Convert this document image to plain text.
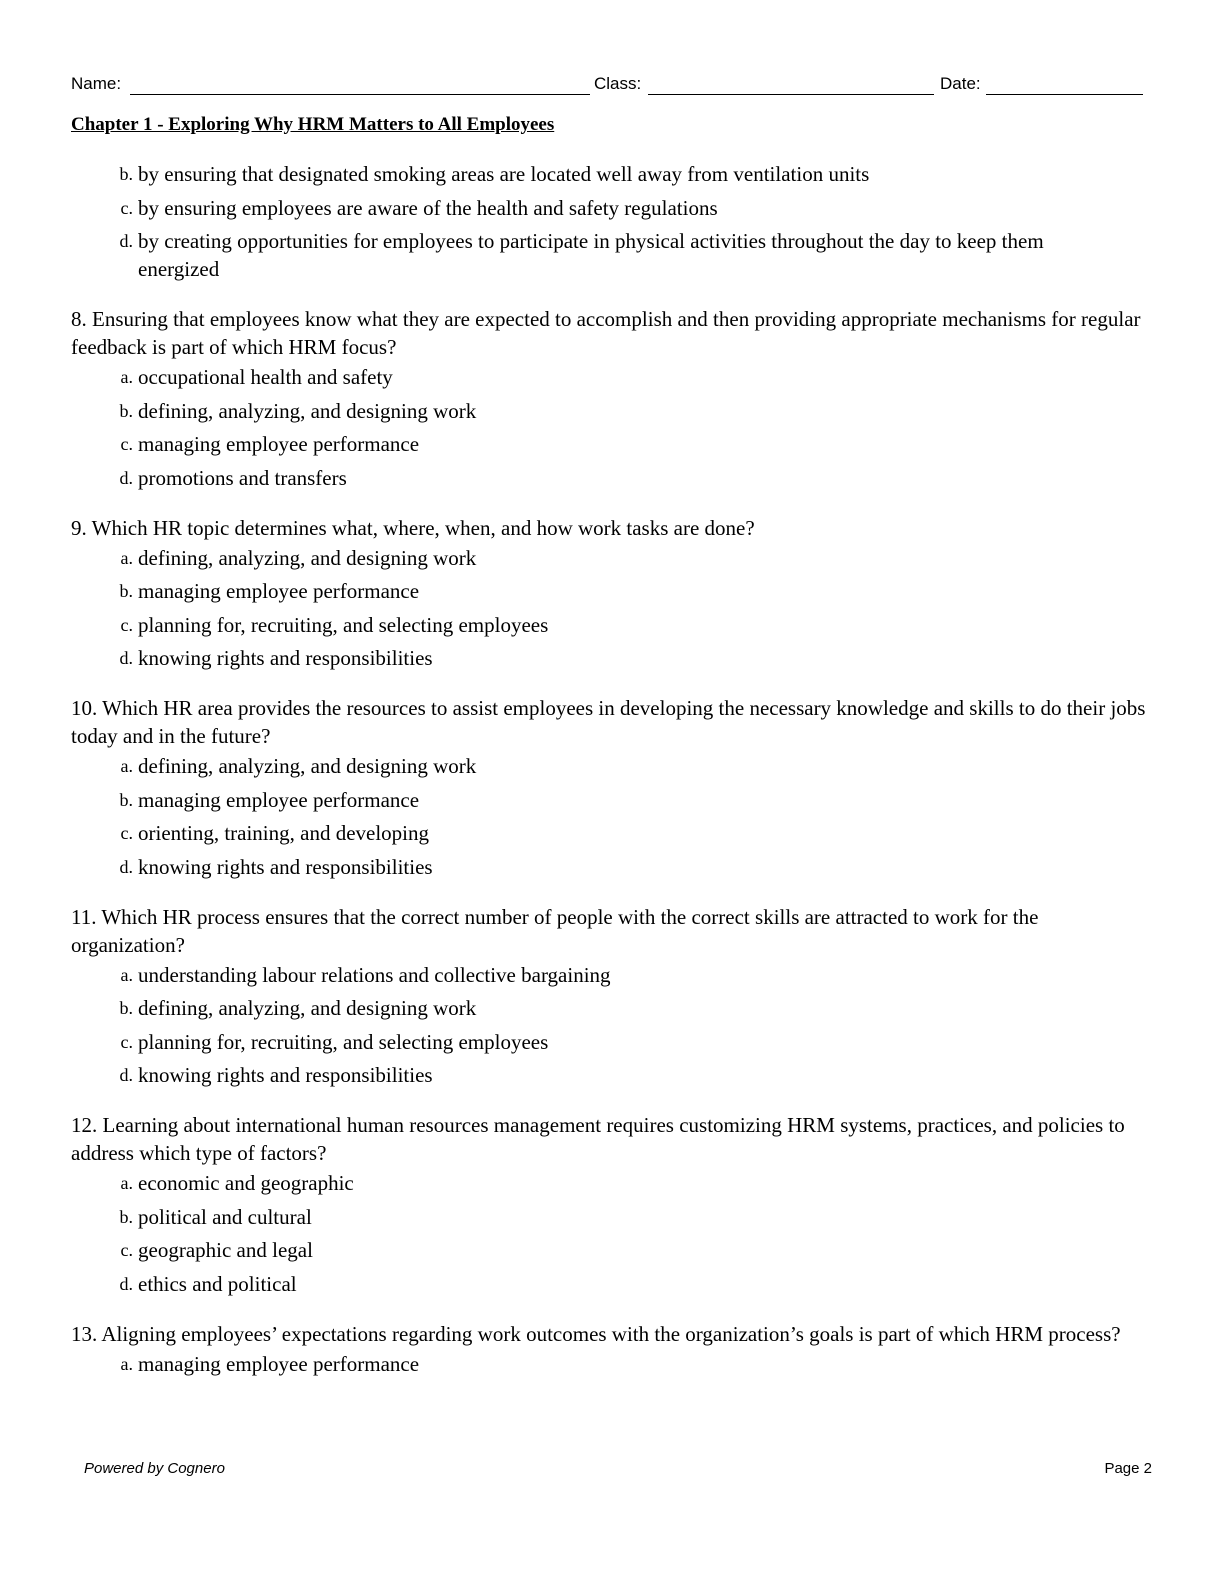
Name:	Class:	Date:
Chapter 1 - Exploring Why HRM Matters to All Employees
b. by ensuring that designated smoking areas are located well away from ventilation units
c. by ensuring employees are aware of the health and safety regulations
d. by creating opportunities for employees to participate in physical activities throughout the day to keep them energized

8. Ensuring that employees know what they are expected to accomplish and then providing appropriate mechanisms for regular feedback is part of which HRM focus?

a. occupational health and safety
b. defining, analyzing, and designing work
c. managing employee performance
d. promotions and transfers

9. Which HR topic determines what, where, when, and how work tasks are done?

a. defining, analyzing, and designing work
b. managing employee performance
c. planning for, recruiting, and selecting employees
d. knowing rights and responsibilities

10. Which HR area provides the resources to assist employees in developing the necessary knowledge and skills to do their jobs today and in the future?

a. defining, analyzing, and designing work
b. managing employee performance
c. orienting, training, and developing
d. knowing rights and responsibilities

11. Which HR process ensures that the correct number of people with the correct skills are attracted to work for the organization?

a. understanding labour relations and collective bargaining
b. defining, analyzing, and designing work
c. planning for, recruiting, and selecting employees
d. knowing rights and responsibilities

12. Learning about international human resources management requires customizing HRM systems, practices, and policies to address which type of factors?

a. economic and geographic
b. political and cultural
c. geographic and legal
d. ethics and political

13. Aligning employees’ expectations regarding work outcomes with the organization’s goals is part of which HRM process?

a. managing employee performance
Powered by Cognero	Page 2
